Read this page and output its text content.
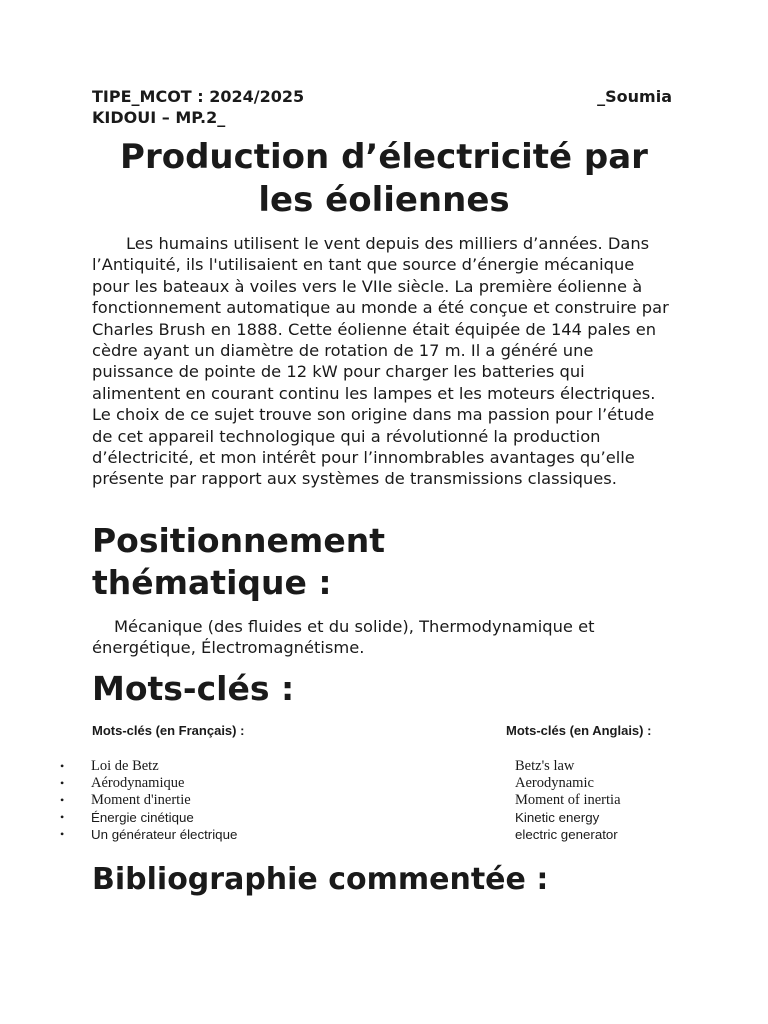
TIPE_MCOT : 2024/2025	_Soumia
KIDOUI – MP.2_
Production d’électricité par les éoliennes

Les humains utilisent le vent depuis des milliers d’années. Dans l’Antiquité, ils l'utilisaient en tant que source d’énergie mécanique pour les bateaux à voiles vers le VIIe siècle. La première éolienne à fonctionnement automatique au monde a été conçue et construire par Charles Brush en 1888. Cette éolienne était équipée de 144 pales en cèdre ayant un diamètre de rotation de 17 m. Il a généré une puissance de pointe de 12 kW pour charger les batteries qui alimentent en courant continu les lampes et les moteurs électriques. Le choix de ce sujet trouve son origine dans ma passion pour l’étude de cet appareil technologique qui a révolutionné la production d’électricité, et mon intérêt pour l’innombrables avantages qu’elle présente par rapport aux systèmes de transmissions classiques.

Positionnement thématique :

Mécanique (des fluides et du solide), Thermodynamique et énergétique, Électromagnétisme.

Mots-clés :
Mots-clés (en Français) :	Mots-clés (en Anglais) :
• Loi de Betz	Betz's law
• Aérodynamique	Aerodynamic
• Moment d'inertie	Moment of inertia
• Énergie cinétique	Kinetic energy
• Un générateur électrique	electric generator
Bibliographie commentée :
